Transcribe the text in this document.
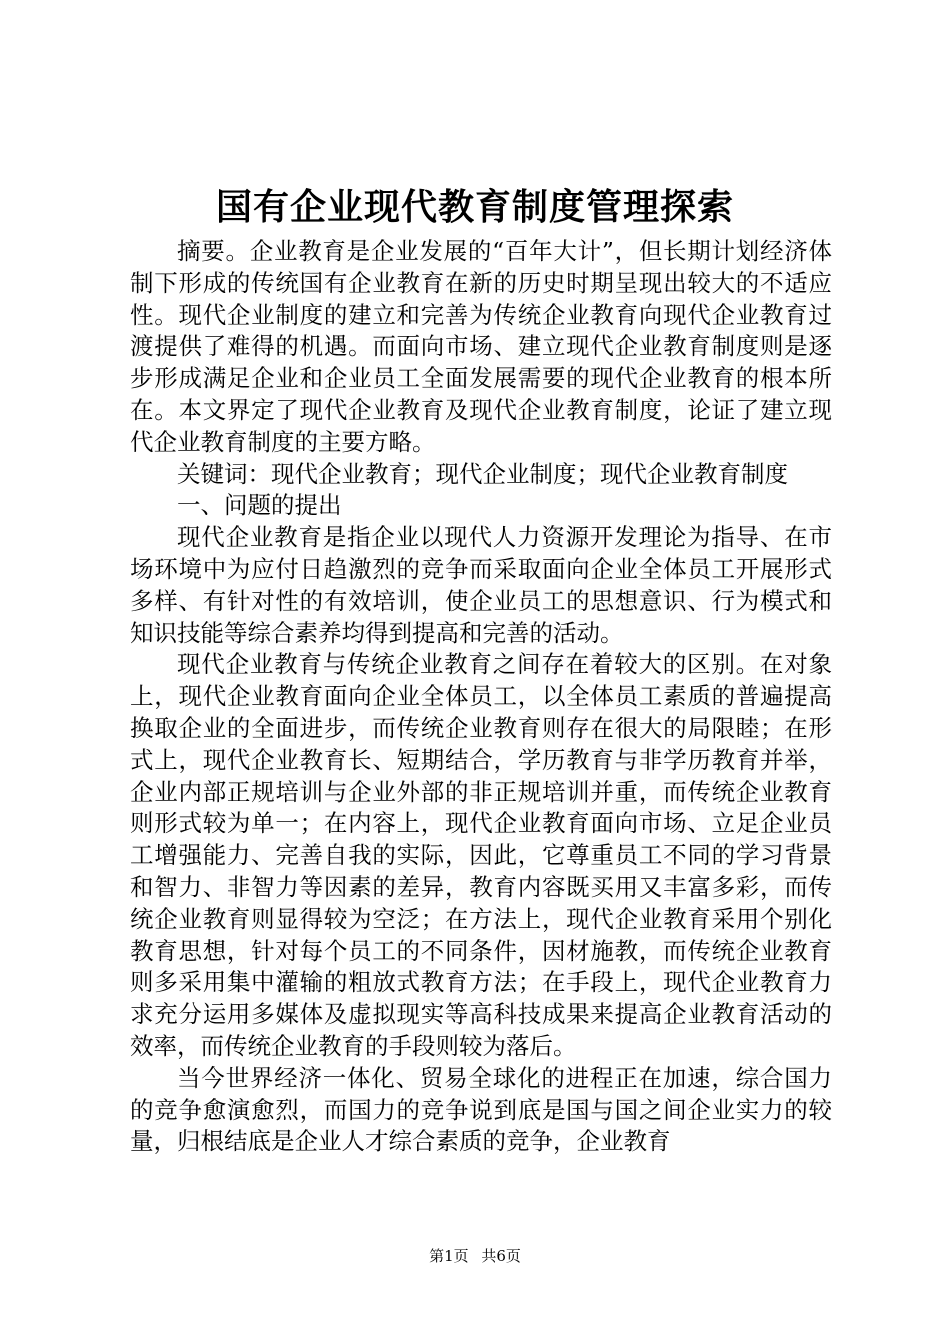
国有企业现代教育制度管理探索

摘要。企业教育是企业发展的“百年大计”，但长期计划经济体制下形成的传统国有企业教育在新的历史时期呈现出较大的不适应性。现代企业制度的建立和完善为传统企业教育向现代企业教育过渡提供了难得的机遇。而面向市场、建立现代企业教育制度则是逐步形成满足企业和企业员工全面发展需要的现代企业教育的根本所在。本文界定了现代企业教育及现代企业教育制度，论证了建立现代企业教育制度的主要方略。

关键词：现代企业教育；现代企业制度；现代企业教育制度

一、问题的提出

现代企业教育是指企业以现代人力资源开发理论为指导、在市场环境中为应付日趋激烈的竞争而采取面向企业全体员工开展形式多样、有针对性的有效培训，使企业员工的思想意识、行为模式和知识技能等综合素养均得到提高和完善的活动。

现代企业教育与传统企业教育之间存在着较大的区别。在对象上，现代企业教育面向企业全体员工，以全体员工素质的普遍提高换取企业的全面进步，而传统企业教育则存在很大的局限睦；在形式上，现代企业教育长、短期结合，学历教育与非学历教育并举，企业内部正规培训与企业外部的非正规培训并重，而传统企业教育则形式较为单一；在内容上，现代企业教育面向市场、立足企业员工增强能力、完善自我的实际，因此，它尊重员工不同的学习背景和智力、非智力等因素的差异，教育内容既买用又丰富多彩，而传统企业教育则显得较为空泛；在方法上，现代企业教育采用个别化教育思想，针对每个员工的不同条件，因材施教，而传统企业教育则多采用集中灌输的粗放式教育方法；在手段上，现代企业教育力求充分运用多媒体及虚拟现实等高科技成果来提高企业教育活动的效率，而传统企业教育的手段则较为落后。

当今世界经济一体化、贸易全球化的进程正在加速，综合国力的竞争愈演愈烈，而国力的竞争说到底是国与国之间企业实力的较量，归根结底是企业人才综合素质的竞争，企业教育

第1页 共6页
